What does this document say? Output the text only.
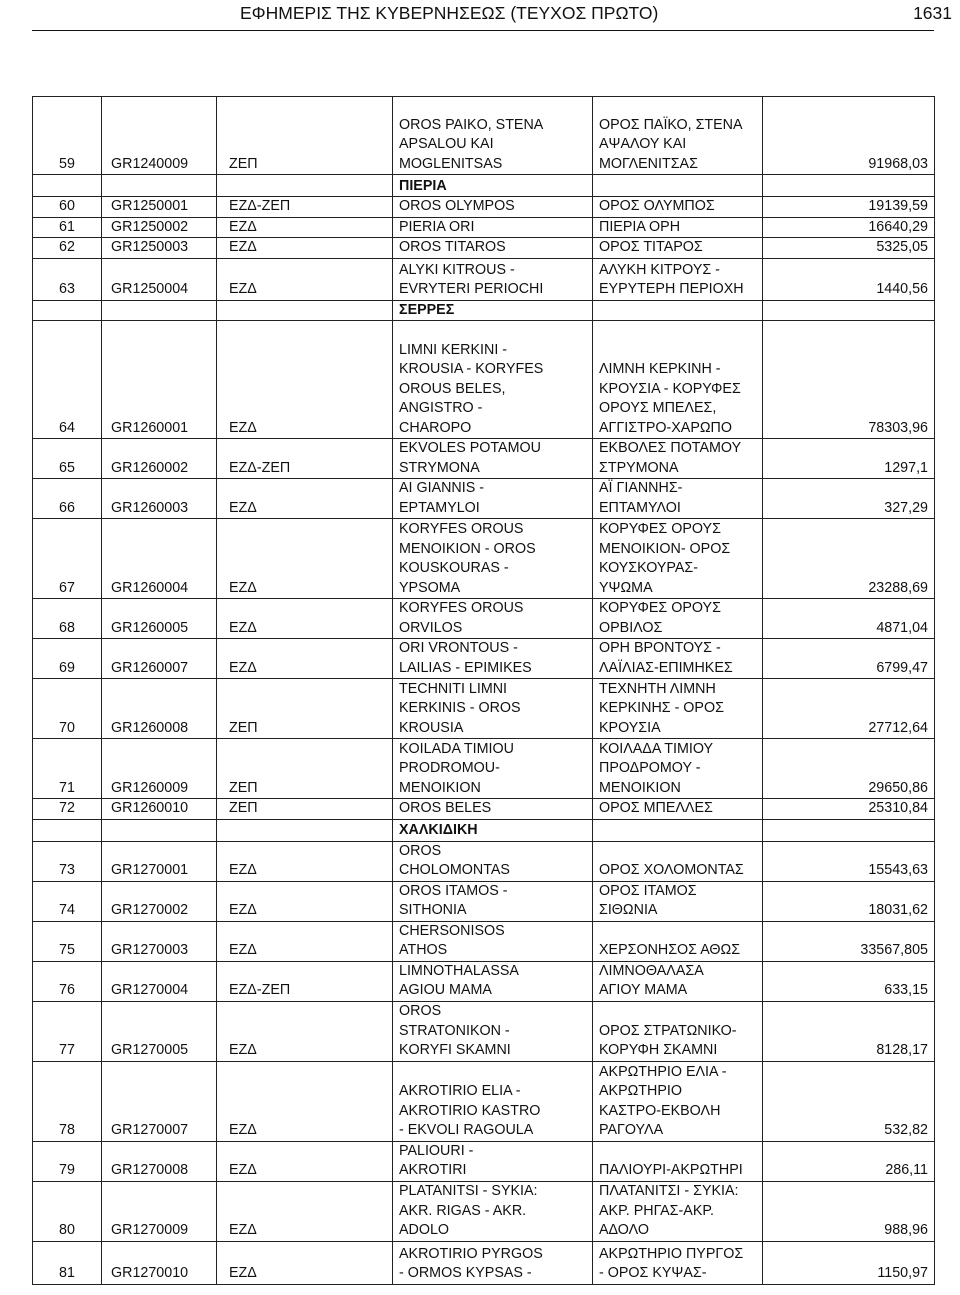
ΕΦΗΜΕΡΙΣ ΤΗΣ ΚΥΒΕΡΝΗΣΕΩΣ (ΤΕΥΧΟΣ ΠΡΩΤΟ)	1631
59	GR1240009	ΖΕΠ	OROS PAIKO, STENA
APSALOU KAI
MOGLENITSAS	ΟΡΟΣ ΠΑΪΚΟ, ΣΤΕΝΑ
ΑΨΑΛΟΥ ΚΑΙ
ΜΟΓΛΕΝΙΤΣΑΣ	91968,03
			ΠΙΕΡΙΑ		
60	GR1250001	ΕΖΔ-ΖΕΠ	OROS OLYMPOS	ΟΡΟΣ ΟΛΥΜΠΟΣ	19139,59
61	GR1250002	ΕΖΔ	PIERIA ORI	ΠΙΕΡΙΑ ΟΡΗ	16640,29
62	GR1250003	ΕΖΔ	OROS TITAROS	ΟΡΟΣ ΤΙΤΑΡΟΣ	5325,05
63	GR1250004	ΕΖΔ	ALYKI KITROUS -
EVRYTERI PERIOCHI	ΑΛΥΚΗ ΚΙΤΡΟΥΣ -
ΕΥΡΥΤΕΡΗ ΠΕΡΙΟΧΗ	1440,56
			ΣΕΡΡΕΣ		
64	GR1260001	ΕΖΔ	LIMNI KERKINI -
KROUSIA - KORYFES
OROUS BELES,
ANGISTRO -
CHAROPO	ΛΙΜΝΗ ΚΕΡΚΙΝΗ -
ΚΡΟΥΣΙΑ - ΚΟΡΥΦΕΣ
ΟΡΟΥΣ ΜΠΕΛΕΣ,
ΑΓΓΙΣΤΡΟ-ΧΑΡΩΠΟ	78303,96
65	GR1260002	ΕΖΔ-ΖΕΠ	EKVOLES POTAMOU
STRYMONA	ΕΚΒΟΛΕΣ ΠΟΤΑΜΟΥ
ΣΤΡΥΜΟΝΑ	1297,1
66	GR1260003	ΕΖΔ	AI GIANNIS -
EPTAMYLOI	ΑΪ ΓΙΑΝΝΗΣ-
ΕΠΤΑΜΥΛΟΙ	327,29
67	GR1260004	ΕΖΔ	KORYFES OROUS
MENOIKION - OROS
KOUSKOURAS -
YPSOMA	ΚΟΡΥΦΕΣ ΟΡΟΥΣ
ΜΕΝΟΙΚΙΟΝ- ΟΡΟΣ
ΚΟΥΣΚΟΥΡΑΣ-
ΥΨΩΜΑ	23288,69
68	GR1260005	ΕΖΔ	KORYFES OROUS
ORVILOS	ΚΟΡΥΦΕΣ ΟΡΟΥΣ
ΟΡΒΙΛΟΣ	4871,04
69	GR1260007	ΕΖΔ	ORI VRONTOUS -
LAILIAS - EPIMIKES	ΟΡΗ ΒΡΟΝΤΟΥΣ -
ΛΑΪΛΙΑΣ-ΕΠΙΜΗΚΕΣ	6799,47
70	GR1260008	ΖΕΠ	TECHNITI LIMNI
KERKINIS - OROS
KROUSIA	ΤΕΧΝΗΤΗ ΛΙΜΝΗ
ΚΕΡΚΙΝΗΣ - ΟΡΟΣ
ΚΡΟΥΣΙΑ	27712,64
71	GR1260009	ΖΕΠ	KOILADA TIMIOU
PRODROMOU-
MENOIKION	ΚΟΙΛΑΔΑ ΤΙΜΙΟΥ
ΠΡΟΔΡΟΜΟΥ -
ΜΕΝΟΙΚΙΟΝ	29650,86
72	GR1260010	ΖΕΠ	OROS BELES	ΟΡΟΣ ΜΠΕΛΛΕΣ	25310,84
			ΧΑΛΚΙΔΙΚΗ		
73	GR1270001	ΕΖΔ	OROS
CHOLOMONTAS	ΟΡΟΣ ΧΟΛΟΜΟΝΤΑΣ	15543,63
74	GR1270002	ΕΖΔ	OROS ITAMOS -
SITHONIA	ΟΡΟΣ ΙΤΑΜΟΣ
ΣΙΘΩΝΙΑ	18031,62
75	GR1270003	ΕΖΔ	CHERSONISOS
ATHOS	ΧΕΡΣΟΝΗΣΟΣ ΑΘΩΣ	33567,805
76	GR1270004	ΕΖΔ-ΖΕΠ	LIMNOTHALASSA
AGIOU MAMA	ΛΙΜΝΟΘΑΛΑΣΑ
ΑΓΙΟΥ ΜΑΜΑ	633,15
77	GR1270005	ΕΖΔ	OROS
STRATONIKON -
KORYFI SKAMNI	ΟΡΟΣ ΣΤΡΑΤΩΝΙΚΟ-
ΚΟΡΥΦΗ ΣΚΑΜΝΙ	8128,17
78	GR1270007	ΕΖΔ	AKROTIRIO ELIA -
AKROTIRIO KASTRO
- EKVOLI RAGOULA	ΑΚΡΩΤΗΡΙΟ ΕΛΙΑ -
ΑΚΡΩΤΗΡΙΟ
ΚΑΣΤΡΟ-ΕΚΒΟΛΗ
ΡΑΓΟΥΛΑ	532,82
79	GR1270008	ΕΖΔ	PALIOURI -
AKROTIRI	ΠΑΛΙΟΥΡΙ-ΑΚΡΩΤΗΡΙ	286,11
80	GR1270009	ΕΖΔ	PLATANITSI - SYKIA:
AKR. RIGAS - AKR.
ADOLO	ΠΛΑΤΑΝΙΤΣΙ - ΣΥΚΙΑ:
ΑΚΡ. ΡΗΓΑΣ-ΑΚΡ.
ΑΔΟΛΟ	988,96
81	GR1270010	ΕΖΔ	AKROTIRIO PYRGOS
- ORMOS KYPSAS -	ΑΚΡΩΤΗΡΙΟ ΠΥΡΓΟΣ
- ΟΡΟΣ ΚΥΨΑΣ-	1150,97
